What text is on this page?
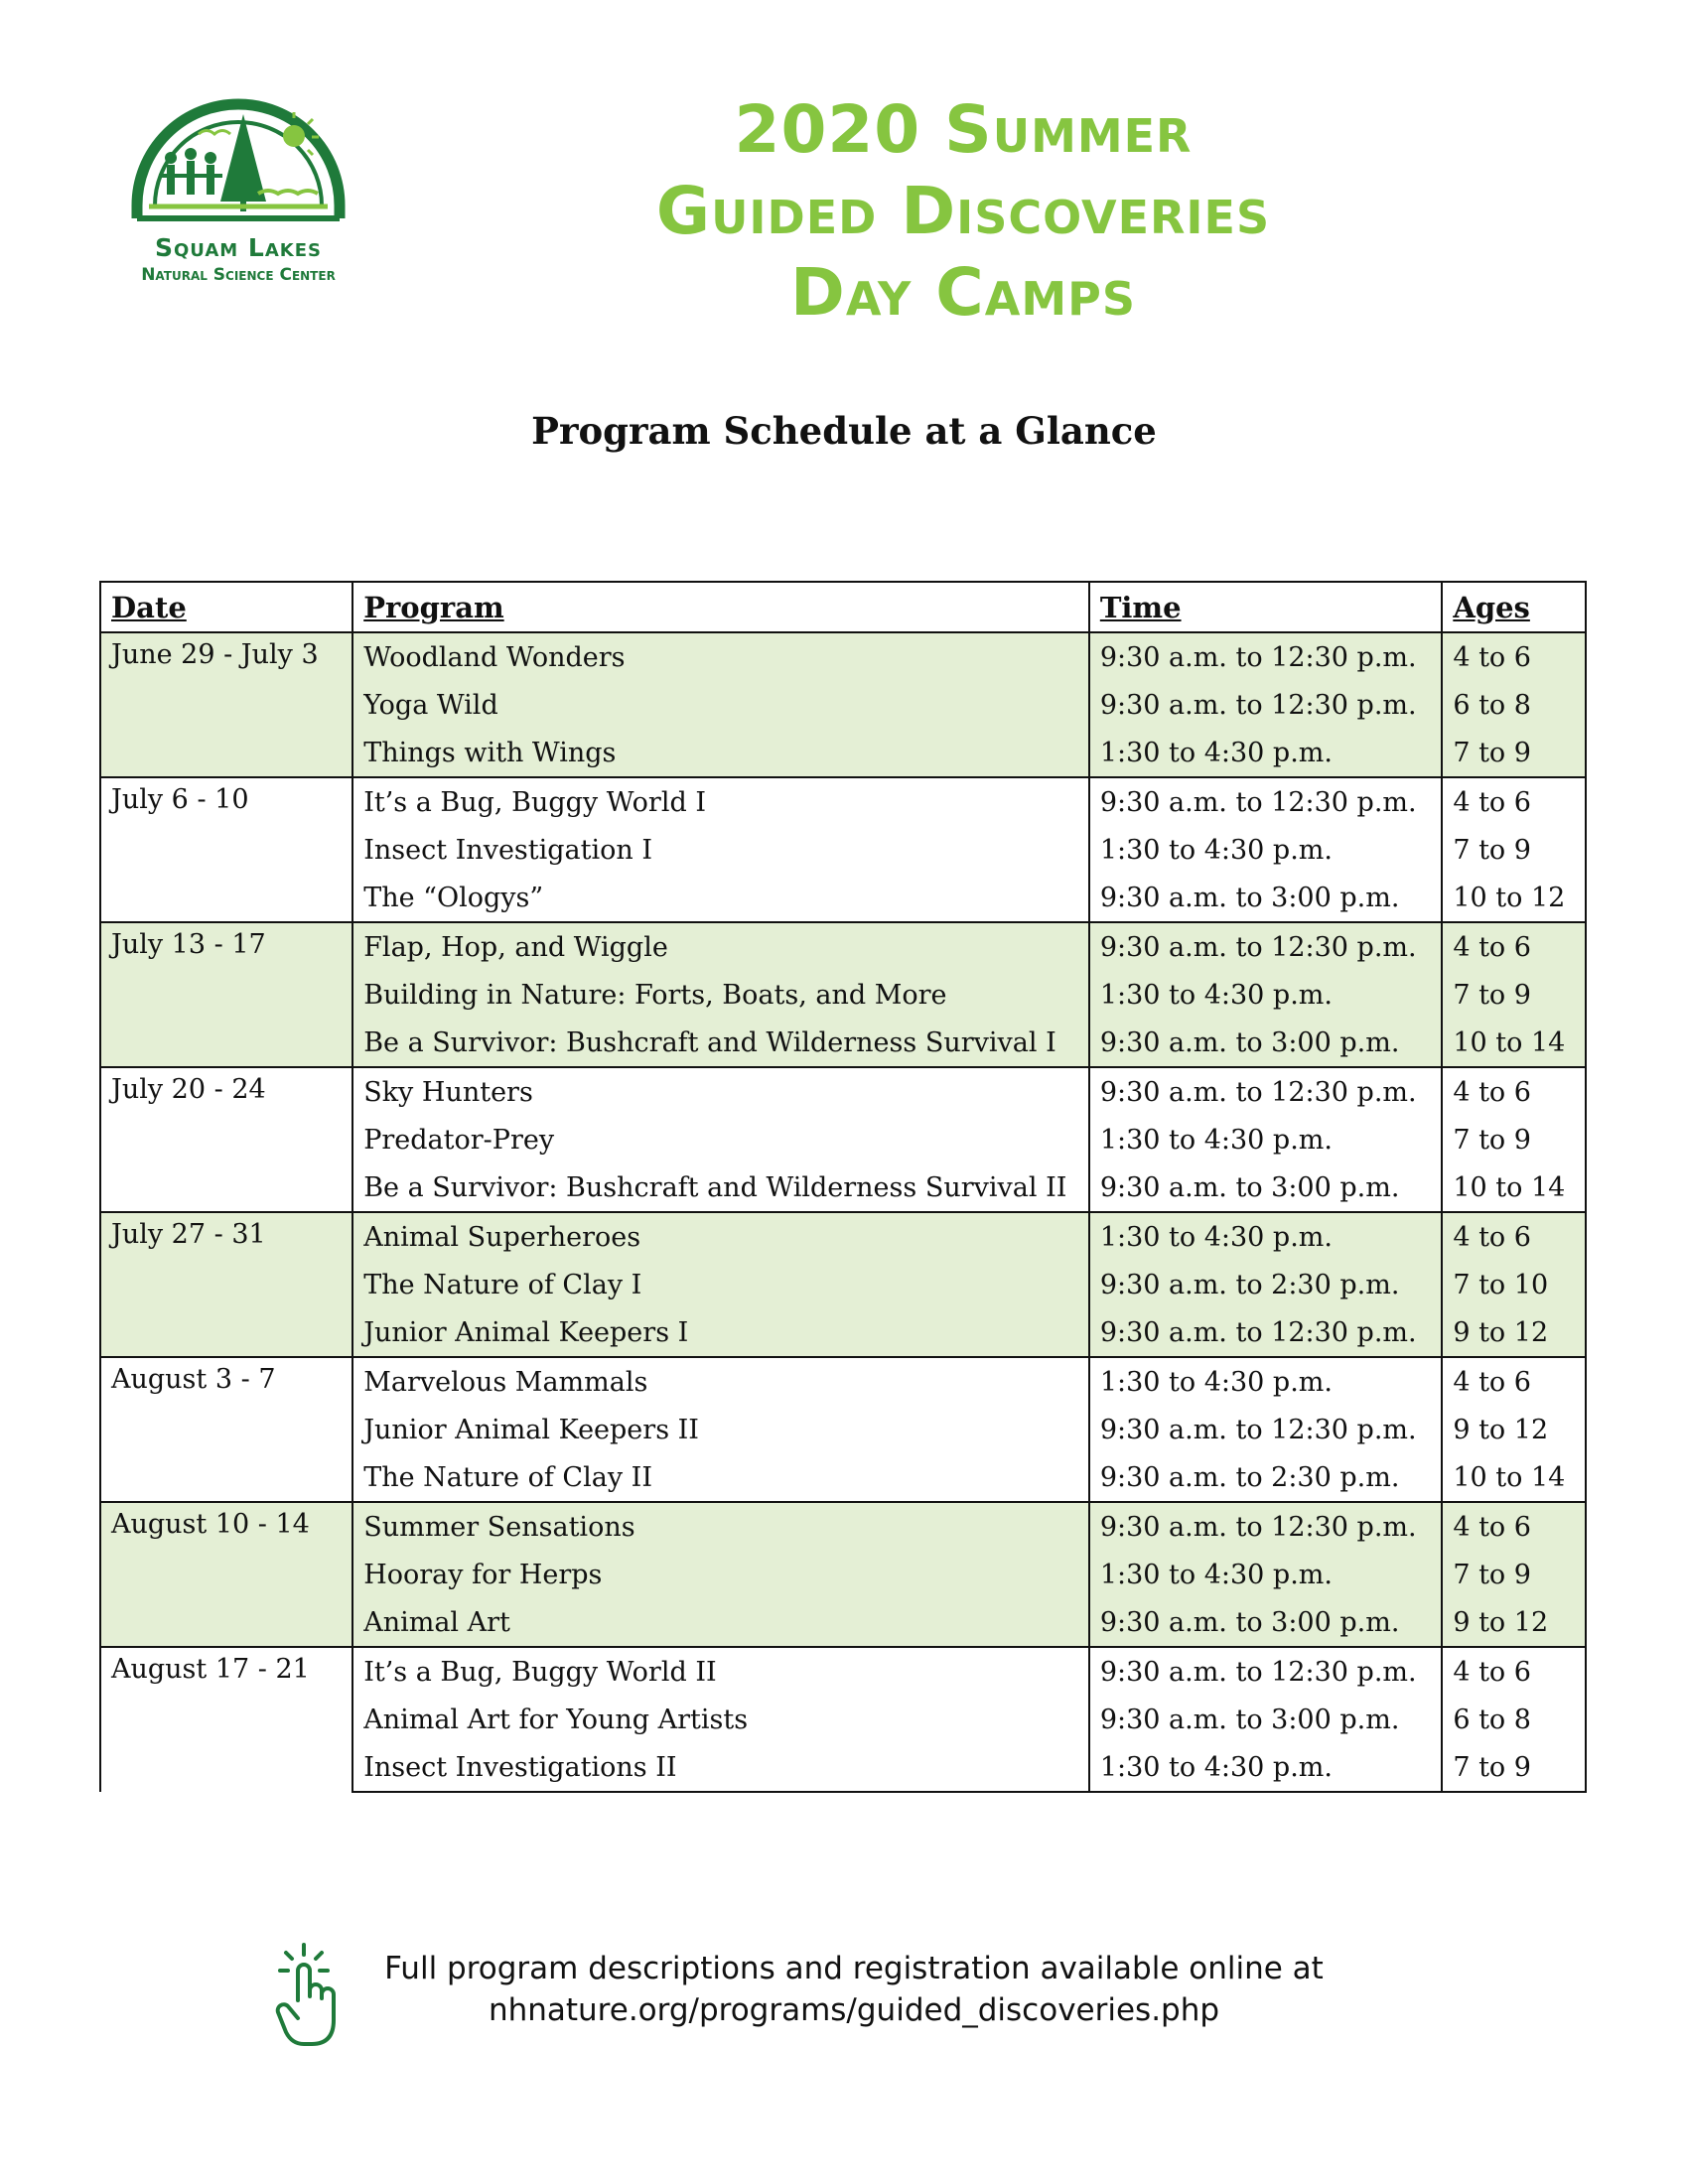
Squam Lakes
Natural Science Center
2020 Summer
Guided Discoveries
Day Camps
Program Schedule at a Glance
Date	Program	Time	Ages
June 29 - July 3	Woodland Wonders	9:30 a.m. to 12:30 p.m.	4 to 6
	Yoga Wild	9:30 a.m. to 12:30 p.m.	6 to 8
	Things with Wings	1:30 to 4:30 p.m.	7 to 9
July 6 - 10	It’s a Bug, Buggy World I	9:30 a.m. to 12:30 p.m.	4 to 6
	Insect Investigation I	1:30 to 4:30 p.m.	7 to 9
	The “Ologys”	9:30 a.m. to 3:00 p.m.	10 to 12
July 13 - 17	Flap, Hop, and Wiggle	9:30 a.m. to 12:30 p.m.	4 to 6
	Building in Nature: Forts, Boats, and More	1:30 to 4:30 p.m.	7 to 9
	Be a Survivor: Bushcraft and Wilderness Survival I	9:30 a.m. to 3:00 p.m.	10 to 14
July 20 - 24	Sky Hunters	9:30 a.m. to 12:30 p.m.	4 to 6
	Predator-Prey	1:30 to 4:30 p.m.	7 to 9
	Be a Survivor: Bushcraft and Wilderness Survival II	9:30 a.m. to 3:00 p.m.	10 to 14
July 27 - 31	Animal Superheroes	1:30 to 4:30 p.m.	4 to 6
	The Nature of Clay I	9:30 a.m. to 2:30 p.m.	7 to 10
	Junior Animal Keepers I	9:30 a.m. to 12:30 p.m.	9 to 12
August 3 - 7	Marvelous Mammals	1:30 to 4:30 p.m.	4 to 6
	Junior Animal Keepers II	9:30 a.m. to 12:30 p.m.	9 to 12
	The Nature of Clay II	9:30 a.m. to 2:30 p.m.	10 to 14
August 10 - 14	Summer Sensations	9:30 a.m. to 12:30 p.m.	4 to 6
	Hooray for Herps	1:30 to 4:30 p.m.	7 to 9
	Animal Art	9:30 a.m. to 3:00 p.m.	9 to 12
August 17 - 21	It’s a Bug, Buggy World II	9:30 a.m. to 12:30 p.m.	4 to 6
	Animal Art for Young Artists	9:30 a.m. to 3:00 p.m.	6 to 8
	Insect Investigations II	1:30 to 4:30 p.m.	7 to 9
Full program descriptions and registration available online at
nhnature.org/programs/guided_discoveries.php
